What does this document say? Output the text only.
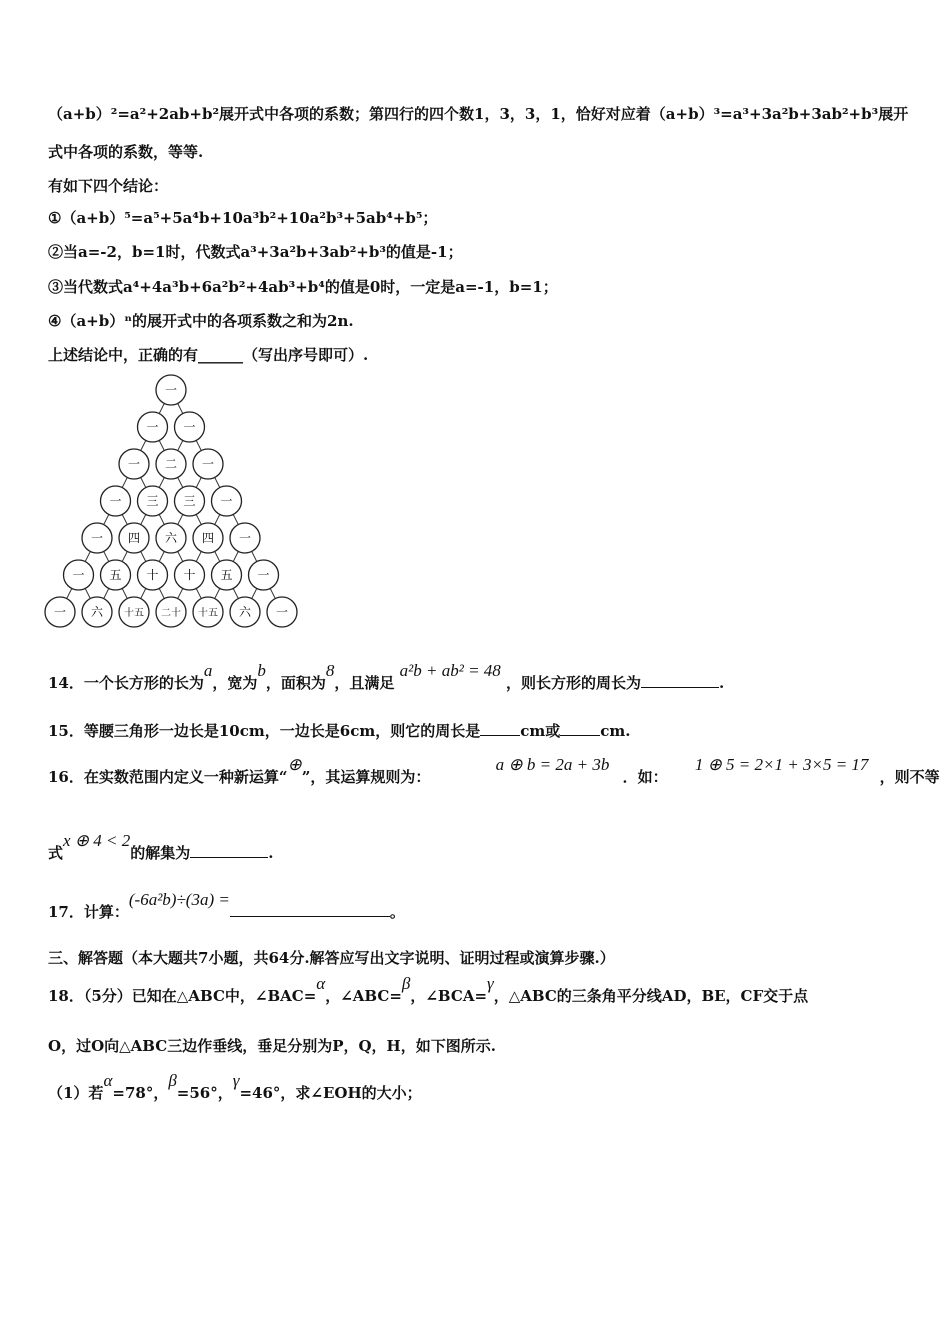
（a+b）²=a²+2ab+b²展开式中各项的系数；第四行的四个数1，3，3，1，恰好对应着（a+b）³=a³+3a²b+3ab²+b³展开
式中各项的系数，等等.
有如下四个结论：
①（a+b）⁵=a⁵+5a⁴b+10a³b²+10a²b³+5ab⁴+b⁵；
②当a=-2，b=1时，代数式a³+3a²b+3ab²+b³的值是-1；
③当代数式a⁴+4a³b+6a²b²+4ab³+b⁴的值是0时，一定是a=-1，b=1；
④（a+b）ⁿ的展开式中的各项系数之和为2n.
上述结论中，正确的有______（写出序号即可）.
一
一 一
一 二 一
一 三 三 一
一 四 六 四 一
一 五 十 十 五 一
一 六 十五 二十 十五 六 一
14．一个长方形的长为a，宽为b，面积为8，且满足 a²b + ab² = 48 ，则长方形的周长为	.
15．等腰三角形一边长是10cm，一边长是6cm，则它的周长是	cm或	cm.
16．在实数范围内定义一种新运算“⊕”，其运算规则为： a ⊕ b = 2a + 3b ．如： 1 ⊕ 5 = 2×1 + 3×5 = 17 ，则不等
式x ⊕ 4 < 2的解集为	.
17．计算：(-6a²b)÷(3a) =。
三、解答题（本大题共7小题，共64分.解答应写出文字说明、证明过程或演算步骤.）
18．（5分）已知在△ABC中，∠BAC=α，∠ABC=β，∠BCA=γ，△ABC的三条角平分线AD，BE，CF交于点
O，过O向△ABC三边作垂线，垂足分别为P，Q，H，如下图所示.
（1）若α=78°，β=56°，γ=46°，求∠EOH的大小；
